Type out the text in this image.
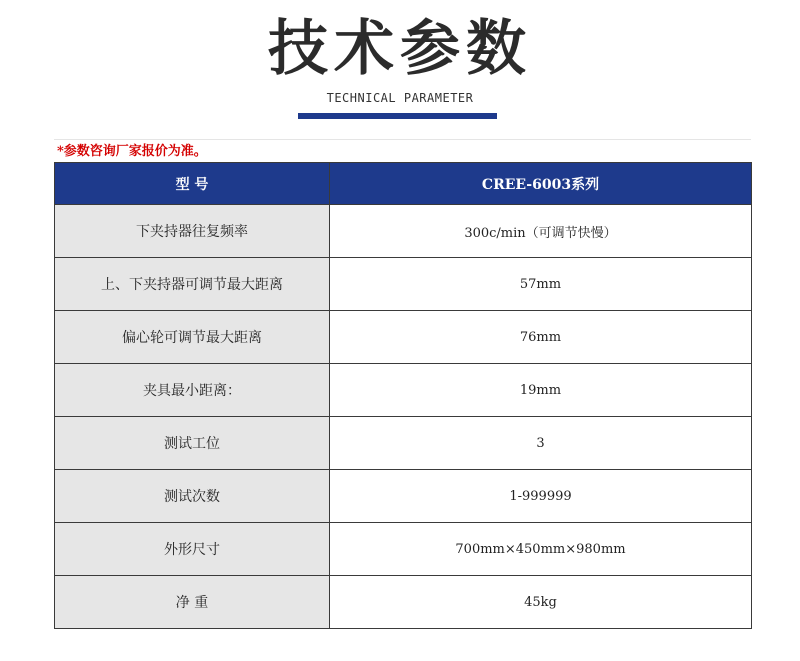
技术参数
TECHNICAL PARAMETER
*参数咨询厂家报价为准。
型 号	CREE-6003系列
下夹持器往复频率	300c/min（可调节快慢）
上、下夹持器可调节最大距离	57mm
偏心轮可调节最大距离	76mm
夹具最小距离：	19mm
测试工位	3
测试次数	1-999999
外形尺寸	700mm×450mm×980mm
净 重	45kg
